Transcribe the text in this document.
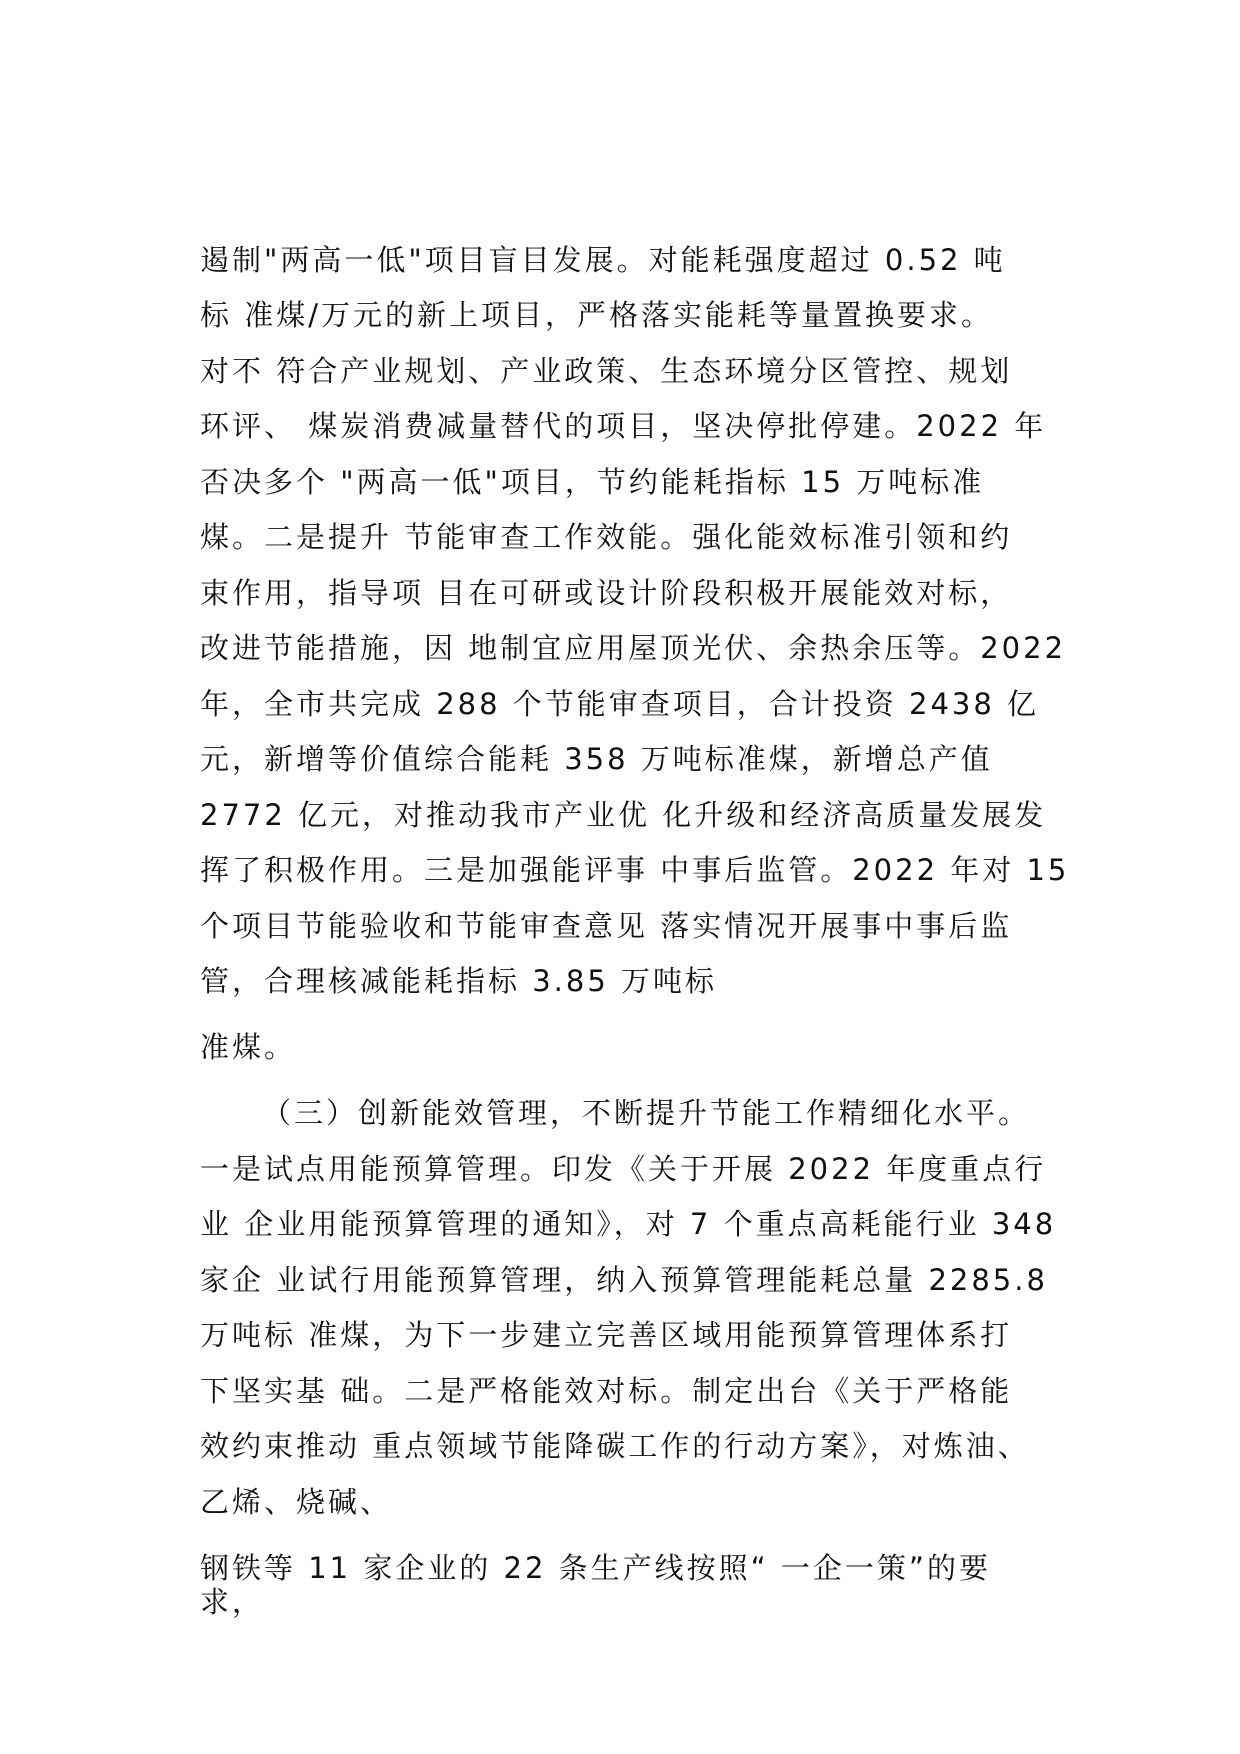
遏制"两高一低"项目盲目发展。对能耗强度超过 0.52 吨
标 准煤/万元的新上项目，严格落实能耗等量置换要求。
对不 符合产业规划、产业政策、生态环境分区管控、规划
环评、 煤炭消费减量替代的项目，坚决停批停建。2022 年
否决多个 "两高一低"项目，节约能耗指标 15 万吨标准
煤。二是提升 节能审查工作效能。强化能效标准引领和约
束作用，指导项 目在可研或设计阶段积极开展能效对标，
改进节能措施，因 地制宜应用屋顶光伏、余热余压等。2022
年，全市共完成 288 个节能审查项目，合计投资 2438 亿
元，新增等价值综合能耗 358 万吨标准煤，新增总产值
2772 亿元，对推动我市产业优 化升级和经济高质量发展发
挥了积极作用。三是加强能评事 中事后监管。2022 年对 15
个项目节能验收和节能审查意见 落实情况开展事中事后监
管，合理核减能耗指标 3.85 万吨标
准煤。
（三）创新能效管理，不断提升节能工作精细化水平。
一是试点用能预算管理。印发《关于开展 2022 年度重点行
业 企业用能预算管理的通知》，对 7 个重点高耗能行业 348
家企 业试行用能预算管理，纳入预算管理能耗总量 2285.8
万吨标 准煤，为下一步建立完善区域用能预算管理体系打
下坚实基 础。二是严格能效对标。制定出台《关于严格能
效约束推动 重点领域节能降碳工作的行动方案》，对炼油、
乙烯、烧碱、
钢铁等 11 家企业的 22 条生产线按照“ 一企一策”的要
求，
